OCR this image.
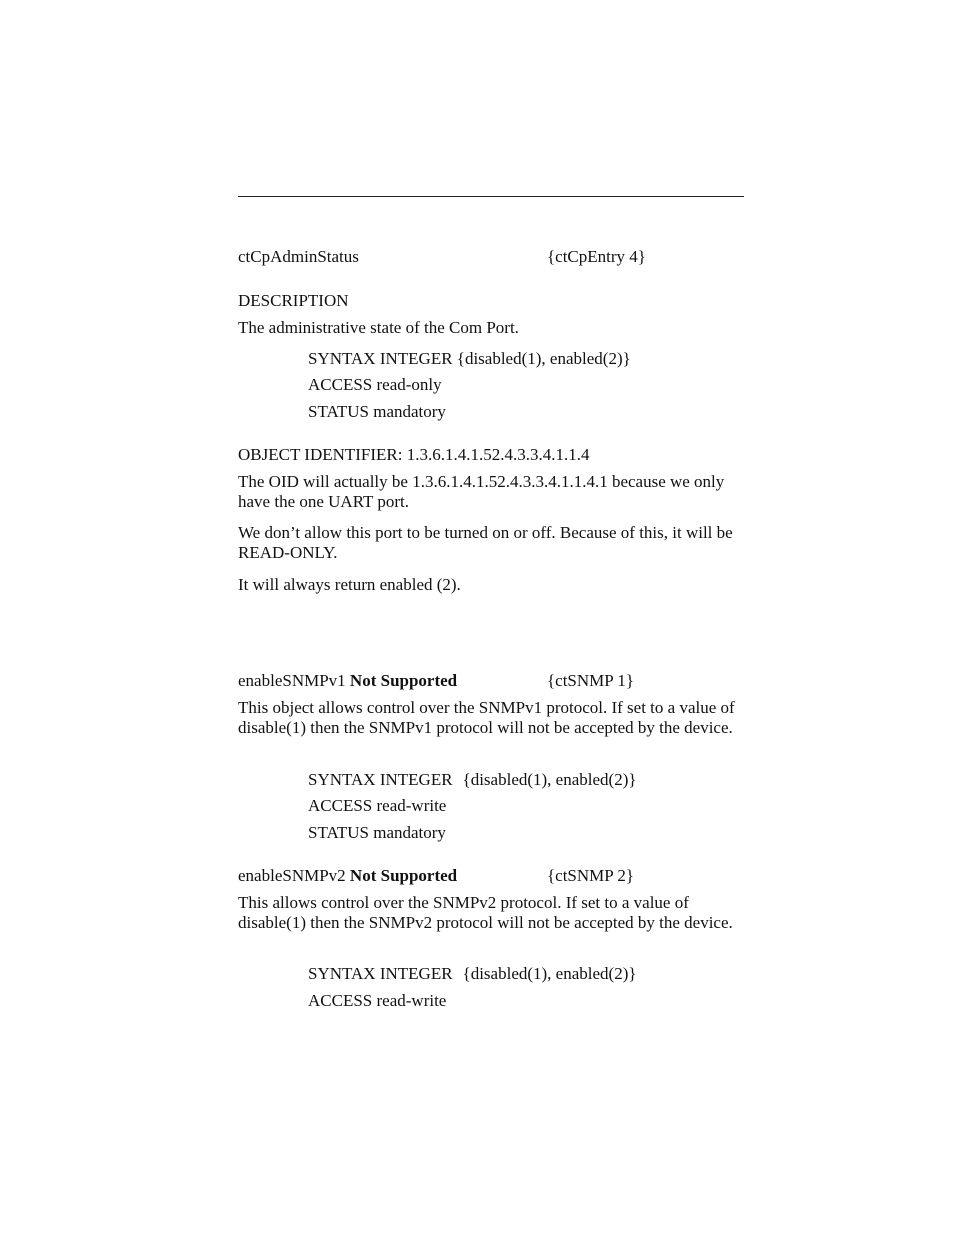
ctCpAdminStatus	{ctCpEntry 4}
DESCRIPTION
The administrative state of the Com Port.
SYNTAX INTEGER {disabled(1), enabled(2)}
ACCESS read-only
STATUS mandatory
OBJECT IDENTIFIER: 1.3.6.1.4.1.52.4.3.3.4.1.1.4
The OID will actually be 1.3.6.1.4.1.52.4.3.3.4.1.1.4.1 because we only have the one UART port.
We don’t allow this port to be turned on or off. Because of this, it will be READ-ONLY.
It will always return enabled (2).
enableSNMPv1 Not Supported	{ctSNMP 1}
This object allows control over the SNMPv1 protocol. If set to a value of disable(1) then the SNMPv1 protocol will not be accepted by the device.
SYNTAX INTEGER {disabled(1), enabled(2)}
ACCESS read-write
STATUS mandatory
enableSNMPv2 Not Supported	{ctSNMP 2}
This allows control over the SNMPv2 protocol. If set to a value of disable(1) then the SNMPv2 protocol will not be accepted by the device.
SYNTAX INTEGER {disabled(1), enabled(2)}
ACCESS read-write
